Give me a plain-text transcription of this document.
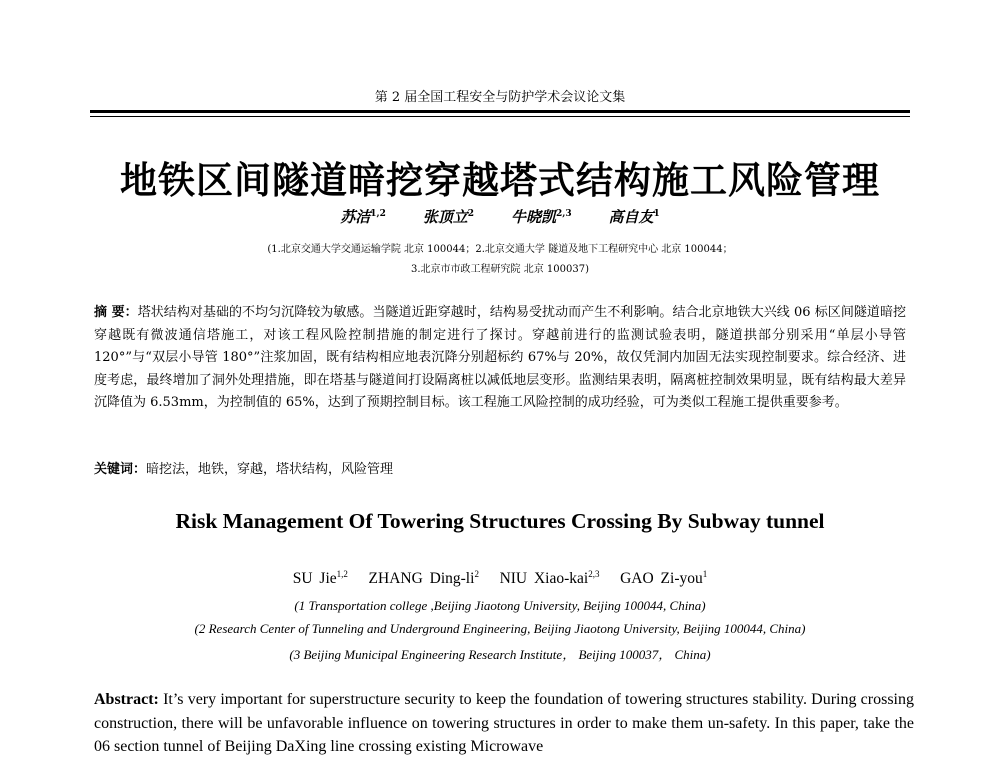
第 2 届全国工程安全与防护学术会议论文集
地铁区间隧道暗挖穿越塔式结构施工风险管理
苏洁$^{1,2}$ 张顶立$^2$ 牛晓凯$^{2,3}$ 高自友$^1$
(1.北京交通大学交通运输学院 北京 100044；2.北京交通大学 隧道及地下工程研究中心 北京 100044；
3.北京市市政工程研究院 北京 100037)
摘 要：塔状结构对基础的不均匀沉降较为敏感。当隧道近距穿越时，结构易受扰动而产生不利影响。结合北京地铁大兴线 06 标区间隧道暗挖穿越既有微波通信塔施工，对该工程风险控制措施的制定进行了探讨。穿越前进行的监测试验表明，隧道拱部分别采用“单层小导管 120°”与“双层小导管 180°”注浆加固，既有结构相应地表沉降分别超标约 67%与 20%，故仅凭洞内加固无法实现控制要求。综合经济、进度考虑，最终增加了洞外处理措施，即在塔基与隧道间打设隔离桩以减低地层变形。监测结果表明，隔离桩控制效果明显，既有结构最大差异沉降值为 6.53mm，为控制值的 65%，达到了预期控制目标。该工程施工风险控制的成功经验，可为类似工程施工提供重要参考。
关键词：暗挖法，地铁，穿越，塔状结构，风险管理
Risk Management Of Towering Structures Crossing By Subway tunnel
SU Jie$^{1,2}$ ZHANG Ding-$li^2$ NIU Xiao-kai$^{2,3}$ GAO Zi-you$^1$
(1 Transportation college ,Beijing Jiaotong University, Beijing 100044, China)
(2 Research Center of Tunneling and Underground Engineering, Beijing Jiaotong University, Beijing 100044, China)
(3 Beijing Municipal Engineering Research Institute， Beijing 100037， China)
Abstract: It’s very important for superstructure security to keep the foundation of towering structures stability. During crossing construction, there will be unfavorable influence on towering structures in order to make them un-safety. In this paper, take the 06 section tunnel of Beijing DaXing line crossing existing Microwave
